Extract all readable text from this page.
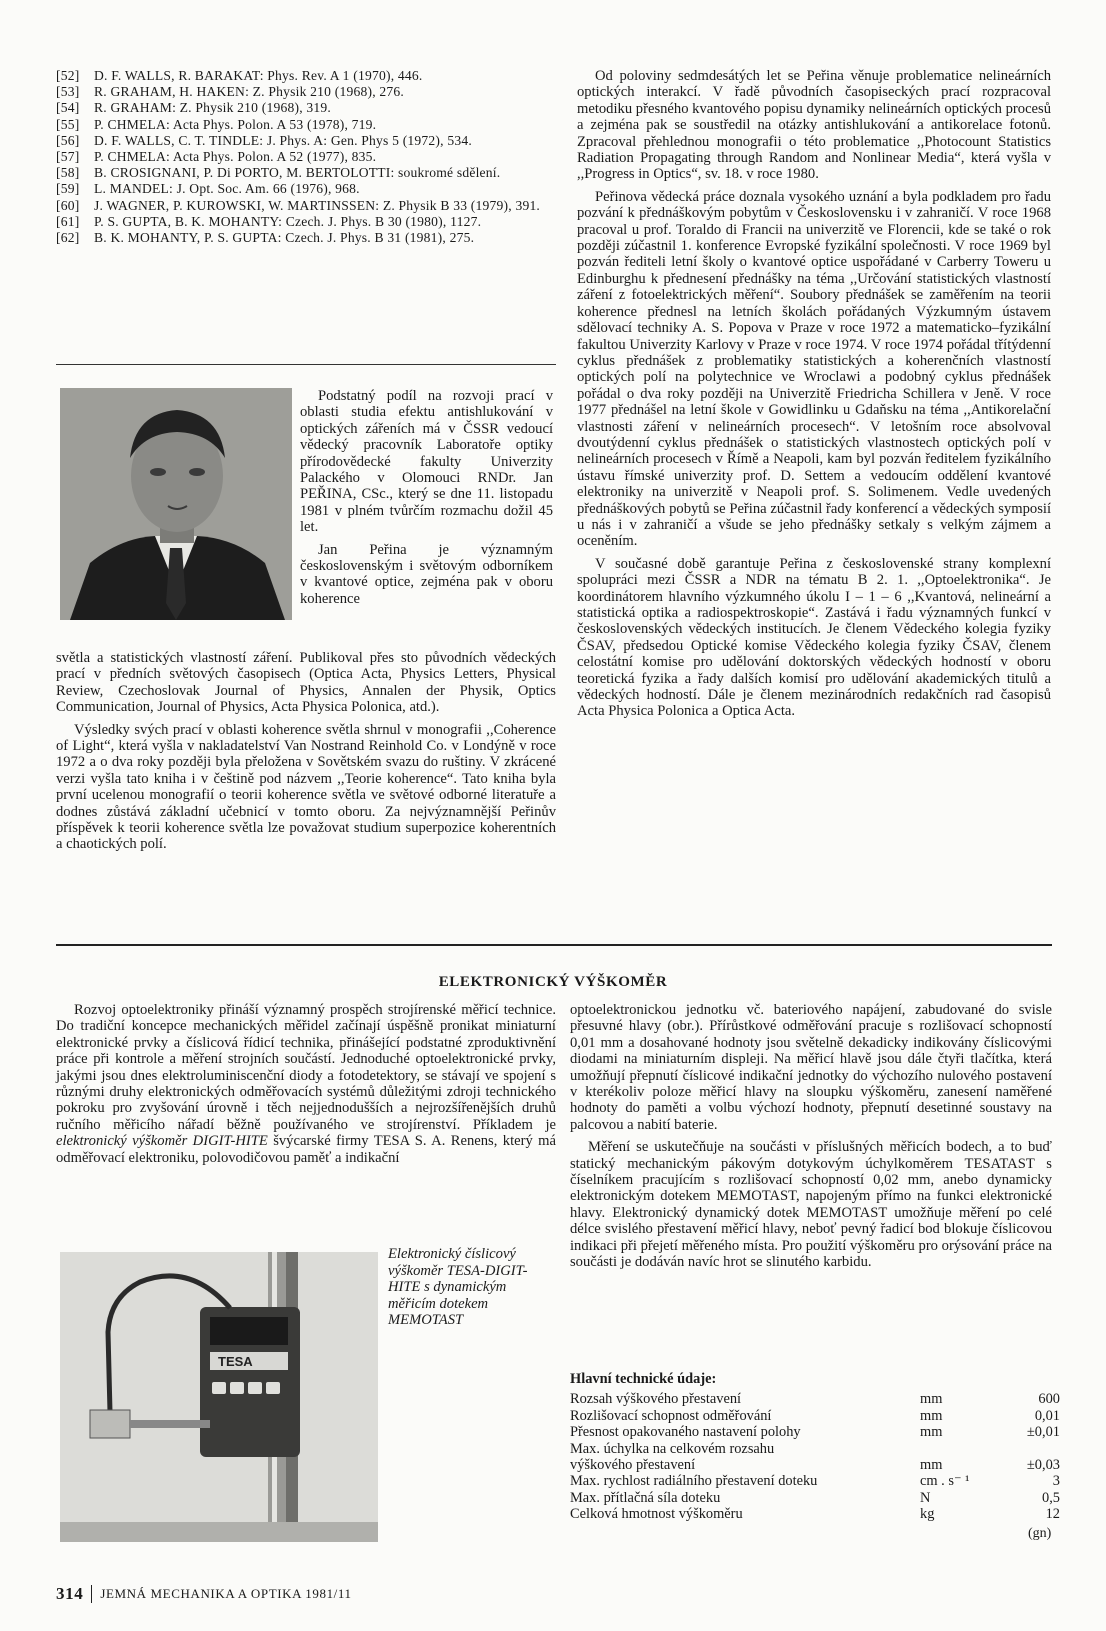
[52]	D. F. WALLS, R. BARAKAT: Phys. Rev. A 1 (1970), 446.
[53]	R. GRAHAM, H. HAKEN: Z. Physik 210 (1968), 276.
[54]	R. GRAHAM: Z. Physik 210 (1968), 319.
[55]	P. CHMELA: Acta Phys. Polon. A 53 (1978), 719.
[56]	D. F. WALLS, C. T. TINDLE: J. Phys. A: Gen. Phys 5 (1972), 534.
[57]	P. CHMELA: Acta Phys. Polon. A 52 (1977), 835.
[58]	B. CROSIGNANI, P. Di PORTO, M. BERTOLOTTI: soukromé sdělení.
[59]	L. MANDEL: J. Opt. Soc. Am. 66 (1976), 968.
[60]	J. WAGNER, P. KUROWSKI, W. MARTINSSEN: Z. Physik B 33 (1979), 391.
[61]	P. S. GUPTA, B. K. MOHANTY: Czech. J. Phys. B 30 (1980), 1127.
[62]	B. K. MOHANTY, P. S. GUPTA: Czech. J. Phys. B 31 (1981), 275.

Podstatný podíl na rozvoji prací v oblasti studia efektu antishlukování v optických zářeních má v ČSSR vedoucí vědecký pracovník Laboratoře optiky přírodovědecké fakulty Univerzity Palackého v Olomouci RNDr. Jan PEŘINA, CSc., který se dne 11. listopadu 1981 v plném tvůrčím rozmachu dožil 45 let.

Jan Peřina je významným československým i světovým odborníkem v kvantové optice, zejména pak v oboru koherence

světla a statistických vlastností záření. Publikoval přes sto původních vědeckých prací v předních světových časopisech (Optica Acta, Physics Letters, Physical Review, Czechoslovak Journal of Physics, Annalen der Physik, Optics Communication, Journal of Physics, Acta Physica Polonica, atd.).

Výsledky svých prací v oblasti koherence světla shrnul v monografii ,,Coherence of Light“, která vyšla v nakladatelství Van Nostrand Reinhold Co. v Londýně v roce 1972 a o dva roky později byla přeložena v Sovětském svazu do ruštiny. V zkrácené verzi vyšla tato kniha i v češtině pod názvem ,,Teorie koherence“. Tato kniha byla první ucelenou monografií o teorii koherence světla ve světové odborné literatuře a dodnes zůstává základní učebnicí v tomto oboru. Za nejvýznamnější Peřinův příspěvek k teorii koherence světla lze považovat studium superpozice koherentních a chaotických polí.

Od poloviny sedmdesátých let se Peřina věnuje problematice nelineárních optických interakcí. V řadě původních časopiseckých prací rozpracoval metodiku přesného kvantového popisu dynamiky nelineárních optických procesů a zejména pak se soustředil na otázky antishlukování a antikorelace fotonů. Zpracoval přehlednou monografii o této problematice ,,Photocount Statistics Radiation Propagating through Random and Nonlinear Media“, která vyšla v ,,Progress in Optics“, sv. 18. v roce 1980.

Peřinova vědecká práce doznala vysokého uznání a byla podkladem pro řadu pozvání k přednáškovým pobytům v Československu i v zahraničí. V roce 1968 pracoval u prof. Toraldo di Francii na univerzitě ve Florencii, kde se také o rok později zúčastnil 1. konference Evropské fyzikální společnosti. V roce 1969 byl pozván řediteli letní školy o kvantové optice uspořádané v Carberry Toweru u Edinburghu k přednesení přednášky na téma ,,Určování statistických vlastností záření z fotoelektrických měření“. Soubory přednášek se zaměřením na teorii koherence přednesl na letních školách pořádaných Výzkumným ústavem sdělovací techniky A. S. Popova v Praze v roce 1972 a matematicko–fyzikální fakultou Univerzity Karlovy v Praze v roce 1974. V roce 1974 pořádal třítýdenní cyklus přednášek z problematiky statistických a koherenčních vlastností optických polí na polytechnice ve Wroclawi a podobný cyklus přednášek pořádal o dva roky později na Univerzitě Friedricha Schillera v Jeně. V roce 1977 přednášel na letní škole v Gowidlinku u Gdaňsku na téma ,,Antikorelační vlastnosti záření v nelineárních procesech“. V letošním roce absolvoval dvoutýdenní cyklus přednášek o statistických vlastnostech optických polí v nelineárních procesech v Římě a Neapoli, kam byl pozván ředitelem fyzikálního ústavu římské univerzity prof. D. Settem a vedoucím oddělení kvantové elektroniky na univerzitě v Neapoli prof. S. Solimenem. Vedle uvedených přednáškových pobytů se Peřina zúčastnil řady konferencí a vědeckých symposií u nás i v zahraničí a všude se jeho přednášky setkaly s velkým zájmem a oceněním.

V současné době garantuje Peřina z československé strany komplexní spolupráci mezi ČSSR a NDR na tématu B 2. 1. ,,Optoelektronika“. Je koordinátorem hlavního výzkumného úkolu I – 1 – 6 ,,Kvantová, nelineární a statistická optika a radiospektroskopie“. Zastává i řadu významných funkcí v československých vědeckých institucích. Je členem Vědeckého kolegia fyziky ČSAV, předsedou Optické komise Vědeckého kolegia fyziky ČSAV, členem celostátní komise pro udělování doktorských vědeckých hodností v oboru teoretická fyzika a řady dalších komisí pro udělování akademických titulů a vědeckých hodností. Dále je členem mezinárodních redakčních rad časopisů Acta Physica Polonica a Optica Acta.

ELEKTRONICKÝ VÝŠKOMĚR

Rozvoj optoelektroniky přináší významný prospěch strojírenské měřicí technice. Do tradiční koncepce mechanických měřidel začínají úspěšně pronikat miniaturní elektronické prvky a číslicová řídicí technika, přinášející podstatné zproduktivnění práce při kontrole a měření strojních součástí. Jednoduché optoelektronické prvky, jakými jsou dnes elektroluminiscenční diody a fotodetektory, se stávají ve spojení s různými druhy elektronických odměřovacích systémů důležitými zdroji technického pokroku pro zvyšování úrovně i těch nejjednodušších a nejrozšířenějších druhů ručního měřicího nářadí běžně používaného ve strojírenství. Příkladem je elektronický výškoměr DIGIT-HITE švýcarské firmy TESA S. A. Renens, který má odměřovací elektroniku, polovodičovou paměť a indikační

TESA
Elektronický číslicový výškoměr TESA-DIGIT-HITE s dynamickým měřicím dotekem MEMOTAST

optoelektronickou jednotku vč. bateriového napájení, zabudované do svisle přesuvné hlavy (obr.). Přírůstkové odměřování pracuje s rozlišovací schopností 0,01 mm a dosahované hodnoty jsou světelně dekadicky indikovány číslicovými diodami na miniaturním displeji. Na měřicí hlavě jsou dále čtyři tlačítka, která umožňují přepnutí číslicové indikační jednotky do výchozího nulového postavení v kterékoliv poloze měřicí hlavy na sloupku výškoměru, zanesení naměřené hodnoty do paměti a volbu výchozí hodnoty, přepnutí desetinné soustavy na palcovou a nabití baterie.

Měření se uskutečňuje na součásti v příslušných měřicích bodech, a to buď statický mechanickým pákovým dotykovým úchylkoměrem TESATAST s číselníkem pracujícím s rozlišovací schopností 0,02 mm, anebo dynamicky elektronickým dotekem MEMOTAST, napojeným přímo na funkci elektronické hlavy. Elektronický dynamický dotek MEMOTAST umožňuje měření po celé délce svislého přestavení měřicí hlavy, neboť pevný řadicí bod blokuje číslicovou indikaci při přejetí měřeného místa. Pro použití výškoměru pro orýsování práce na součásti je dodáván navíc hrot se slinutého karbidu.

Hlavní technické údaje:
Rozsah výškového přestavení	mm	600
Rozlišovací schopnost odměřování	mm	0,01
Přesnost opakovaného nastavení polohy	mm	±0,01
Max. úchylka na celkovém rozsahu
výškového přestavení	mm	±0,03
Max. rychlost radiálního přestavení doteku	cm . s⁻ ¹	3
Max. přítlačná síla doteku	N	0,5
Celková hmotnost výškoměru	kg	12
(gn)
314 JEMNÁ MECHANIKA A OPTIKA 1981/11
